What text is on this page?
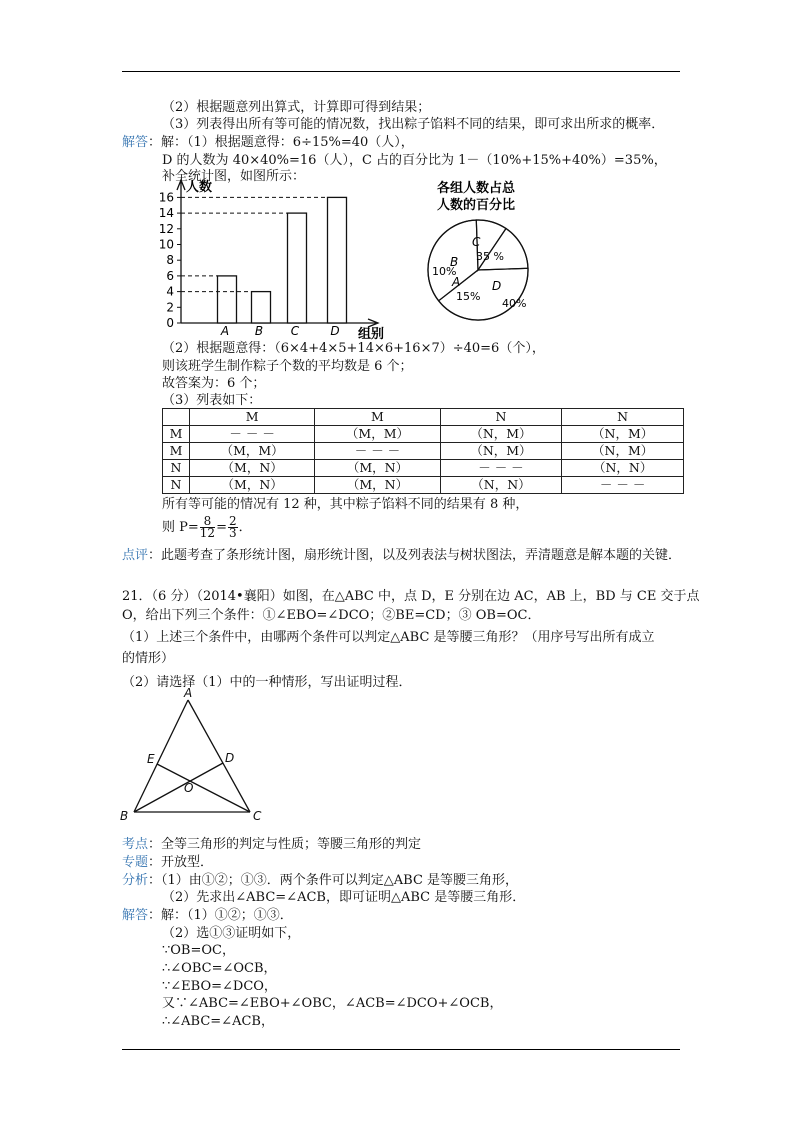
（2）根据题意列出算式，计算即可得到结果；
（3）列表得出所有等可能的情况数，找出粽子馅料不同的结果，即可求出所求的概率．
解答：解：（1）根据题意得：6÷15%=40（人），
D 的人数为 40×40%=16（人），C 占的百分比为 1－（10%+15%+40%）=35%，
补全统计图，如图所示：
0
2
4
6
8
10
12
14
16
人数
组别
A B C	D
各组人数占总
人数的百分比
C
B
A	D
35 %
10%
15%
40%
（2）根据题意得：（6×4+4×5+14×6+16×7）÷40=6（个），
则该班学生制作粽子个数的平均数是 6 个；
故答案为：6 个；
（3）列表如下：
	M	M	N	N
M	－ － －	（M，M）	（N，M）	（N，M）
M	（M，M）	－ － －	（N，M）	（N，M）
N	（M，N）	（M，N）	－ － －	（N，N）
N	（M，N）	（M，N）	（N，N）	－ － －
所有等可能的情况有 12 种，其中粽子馅料不同的结果有 8 种，
则 $P= \frac{8}{12} = \frac{2}{3}$ ．
点评：此题考查了条形统计图，扇形统计图，以及列表法与树状图法，弄清题意是解本题的关键．
21．（6 分）（2014•襄阳）如图，在△ABC 中，点 D，E 分别在边 AC，AB 上，BD 与 CE 交于点
O，给出下列三个条件：①∠EBO=∠DCO；②BE=CD；③ OB=OC．
（1）上述三个条件中，由哪两个条件可以判定△ABC 是等腰三角形？（用序号写出所有成立
的情形）
（2）请选择（1）中的一种情形，写出证明过程．
A
B	C
D
E
O
考点：全等三角形的判定与性质；等腰三角形的判定
专题：开放型．
分析：（1）由①②；①③．两个条件可以判定△ABC 是等腰三角形，
（2）先求出∠ABC=∠ACB，即可证明△ABC 是等腰三角形．
解答：解：（1）①②；①③．
（2）选①③证明如下，
∵OB=OC，
∴∠OBC=∠OCB，
∵∠EBO=∠DCO，
又∵∠ABC=∠EBO+∠OBC，∠ACB=∠DCO+∠OCB，
∴∠ABC=∠ACB，
